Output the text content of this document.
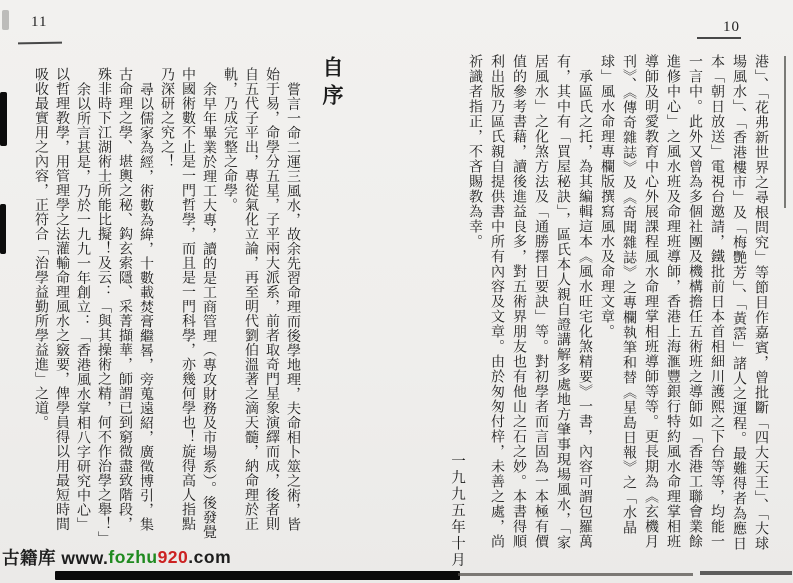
11	10

港」、「花弗新世界之尋根問究」等節目作嘉賓，曾批斷「四大天王」、「大球場風水」、「香港樓市」及「梅艷芳」、「黃霑」諸人之運程。最難得者為應日本「朝日放送」電視台邀請，鐵批前日本首相細川護熙之下台等等，均能一一言中。此外又曾為多個社團及機構擔任五術班之導師如「香港工聯會業餘進修中心」之風水班及命理班導師，香港上海滙豐銀行特約風水命理掌相班導師及明愛教育中心外展課程風水命理掌相班導師等等。更長期為《玄機月刊》、《傳奇雜誌》及《奇聞雜誌》之專欄執筆和替《星島日報》之「水晶球」風水命理專欄版撰寫風水及命理文章。

承區氏之托，為其編輯這本《風水旺宅化煞精要》一書，內容可謂包羅萬有，其中有「買屋秘訣」，區氏本人親自證講解多處地方肇事現場風水，「家居風水」之化煞方法及「通勝擇日要訣」等。對初學者而言固為一本極有價值的參考書藉，讀後進益良多，對五術界朋友也有他山之石之妙。本書得順利出版乃區氏親自提供書中所有內容及文章。由於匆匆付梓，未善之處，尚祈識者指正，不吝賜教為幸。

一九九五年十月

自序

嘗言一命二運三風水，故余先習命理而後學地理，夫命相卜筮之術，皆始于易，命學分五星，子平兩大派系，前者取奇門星象演繹而成，後者則自五代子平出，專從氣化立論，再至明代劉伯溫著之滴天髓，納命理於正軌，乃成完整之命學。

余早年畢業於理工大專，讀的是工商管理（專攻財務及市場系）。後發覺中國術數不止是一門哲學，而且是一門科學，亦幾何學也！旋得高人指點乃深研之究之！

尋以儒家為經，術數為緯，十數載焚膏繼晷，旁蒐遠紹，廣徵博引，集古命理之學、堪輿之秘、鈎玄索隱、采菁擷華，師謂已到窮微盡致階段，殊非時下江湖術士所能比擬！及云：「與其操術之精，何不作治學之舉！」

余以所言甚是，乃於一九九一年創立：「香港風水掌相八字研究中心」以哲理教學，用管理學之法灌輸命理風水之竅要，俾學員得以用最短時間吸收最實用之內容，正符合「治學益勤所學益進」之道。

古籍库 www. fozhu 920 .com
